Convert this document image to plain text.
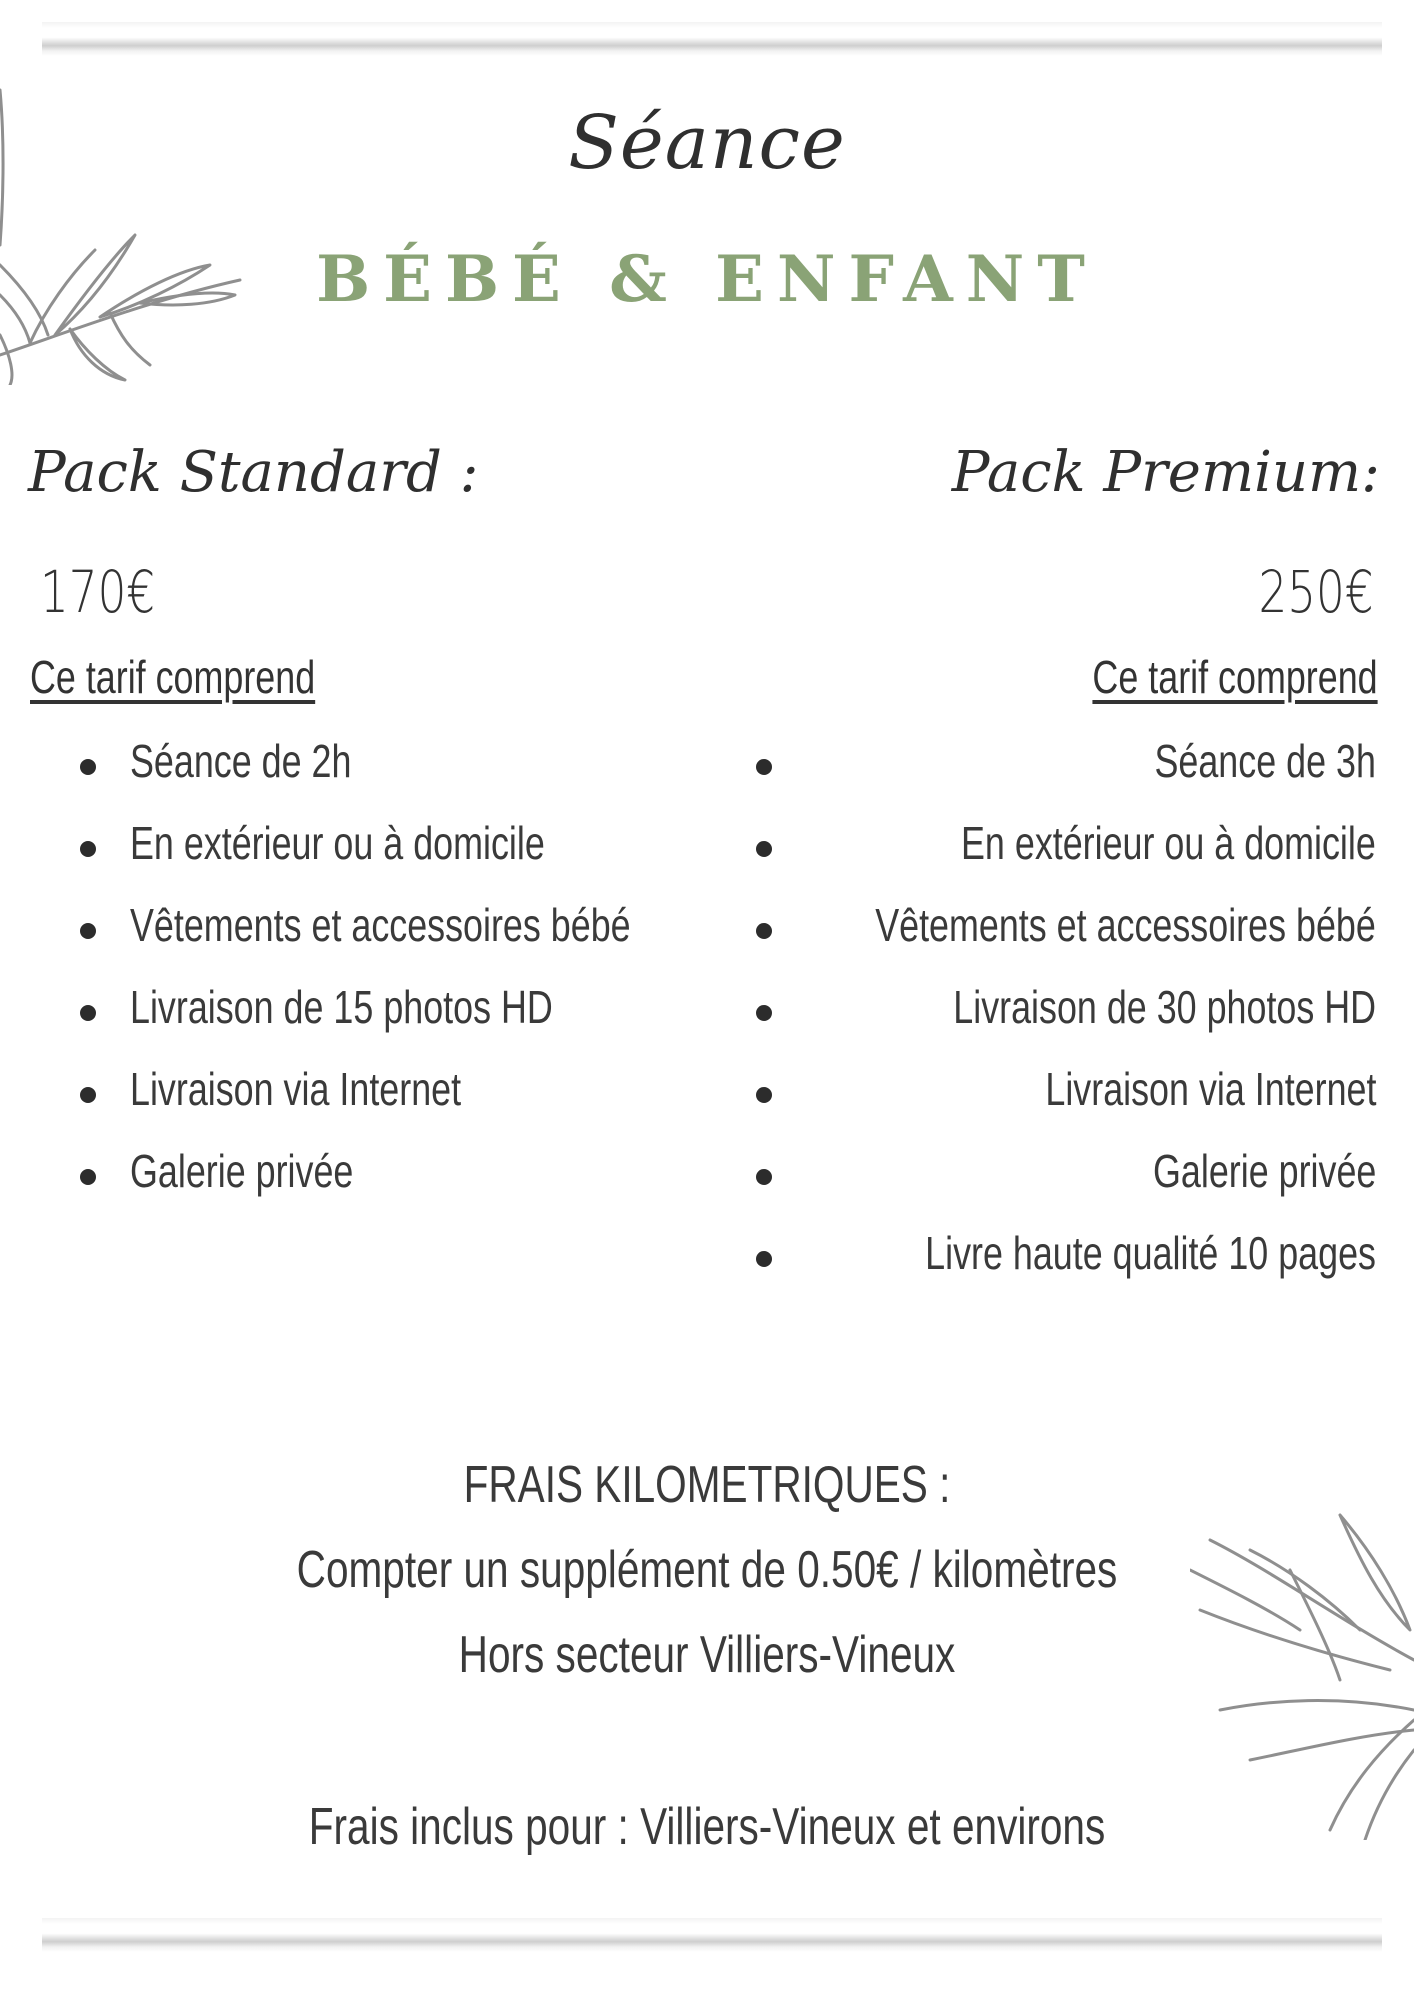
Séance
BÉBÉ & ENFANT
Pack Standard :	Pack Premium:
170€	250€
Ce tarif comprend	Ce tarif comprend
Séance de 2h
En extérieur ou à domicile
Vêtements et accessoires bébé
Livraison de 15 photos HD
Livraison via Internet
Galerie privée
Séance de 3h
En extérieur ou à domicile
Vêtements et accessoires bébé
Livraison de 30 photos HD
Livraison via Internet
Galerie privée
Livre haute qualité 10 pages
FRAIS KILOMETRIQUES :
Compter un supplément de 0.50€ / kilomètres
Hors secteur Villiers-Vineux
Frais inclus pour : Villiers-Vineux et environs
